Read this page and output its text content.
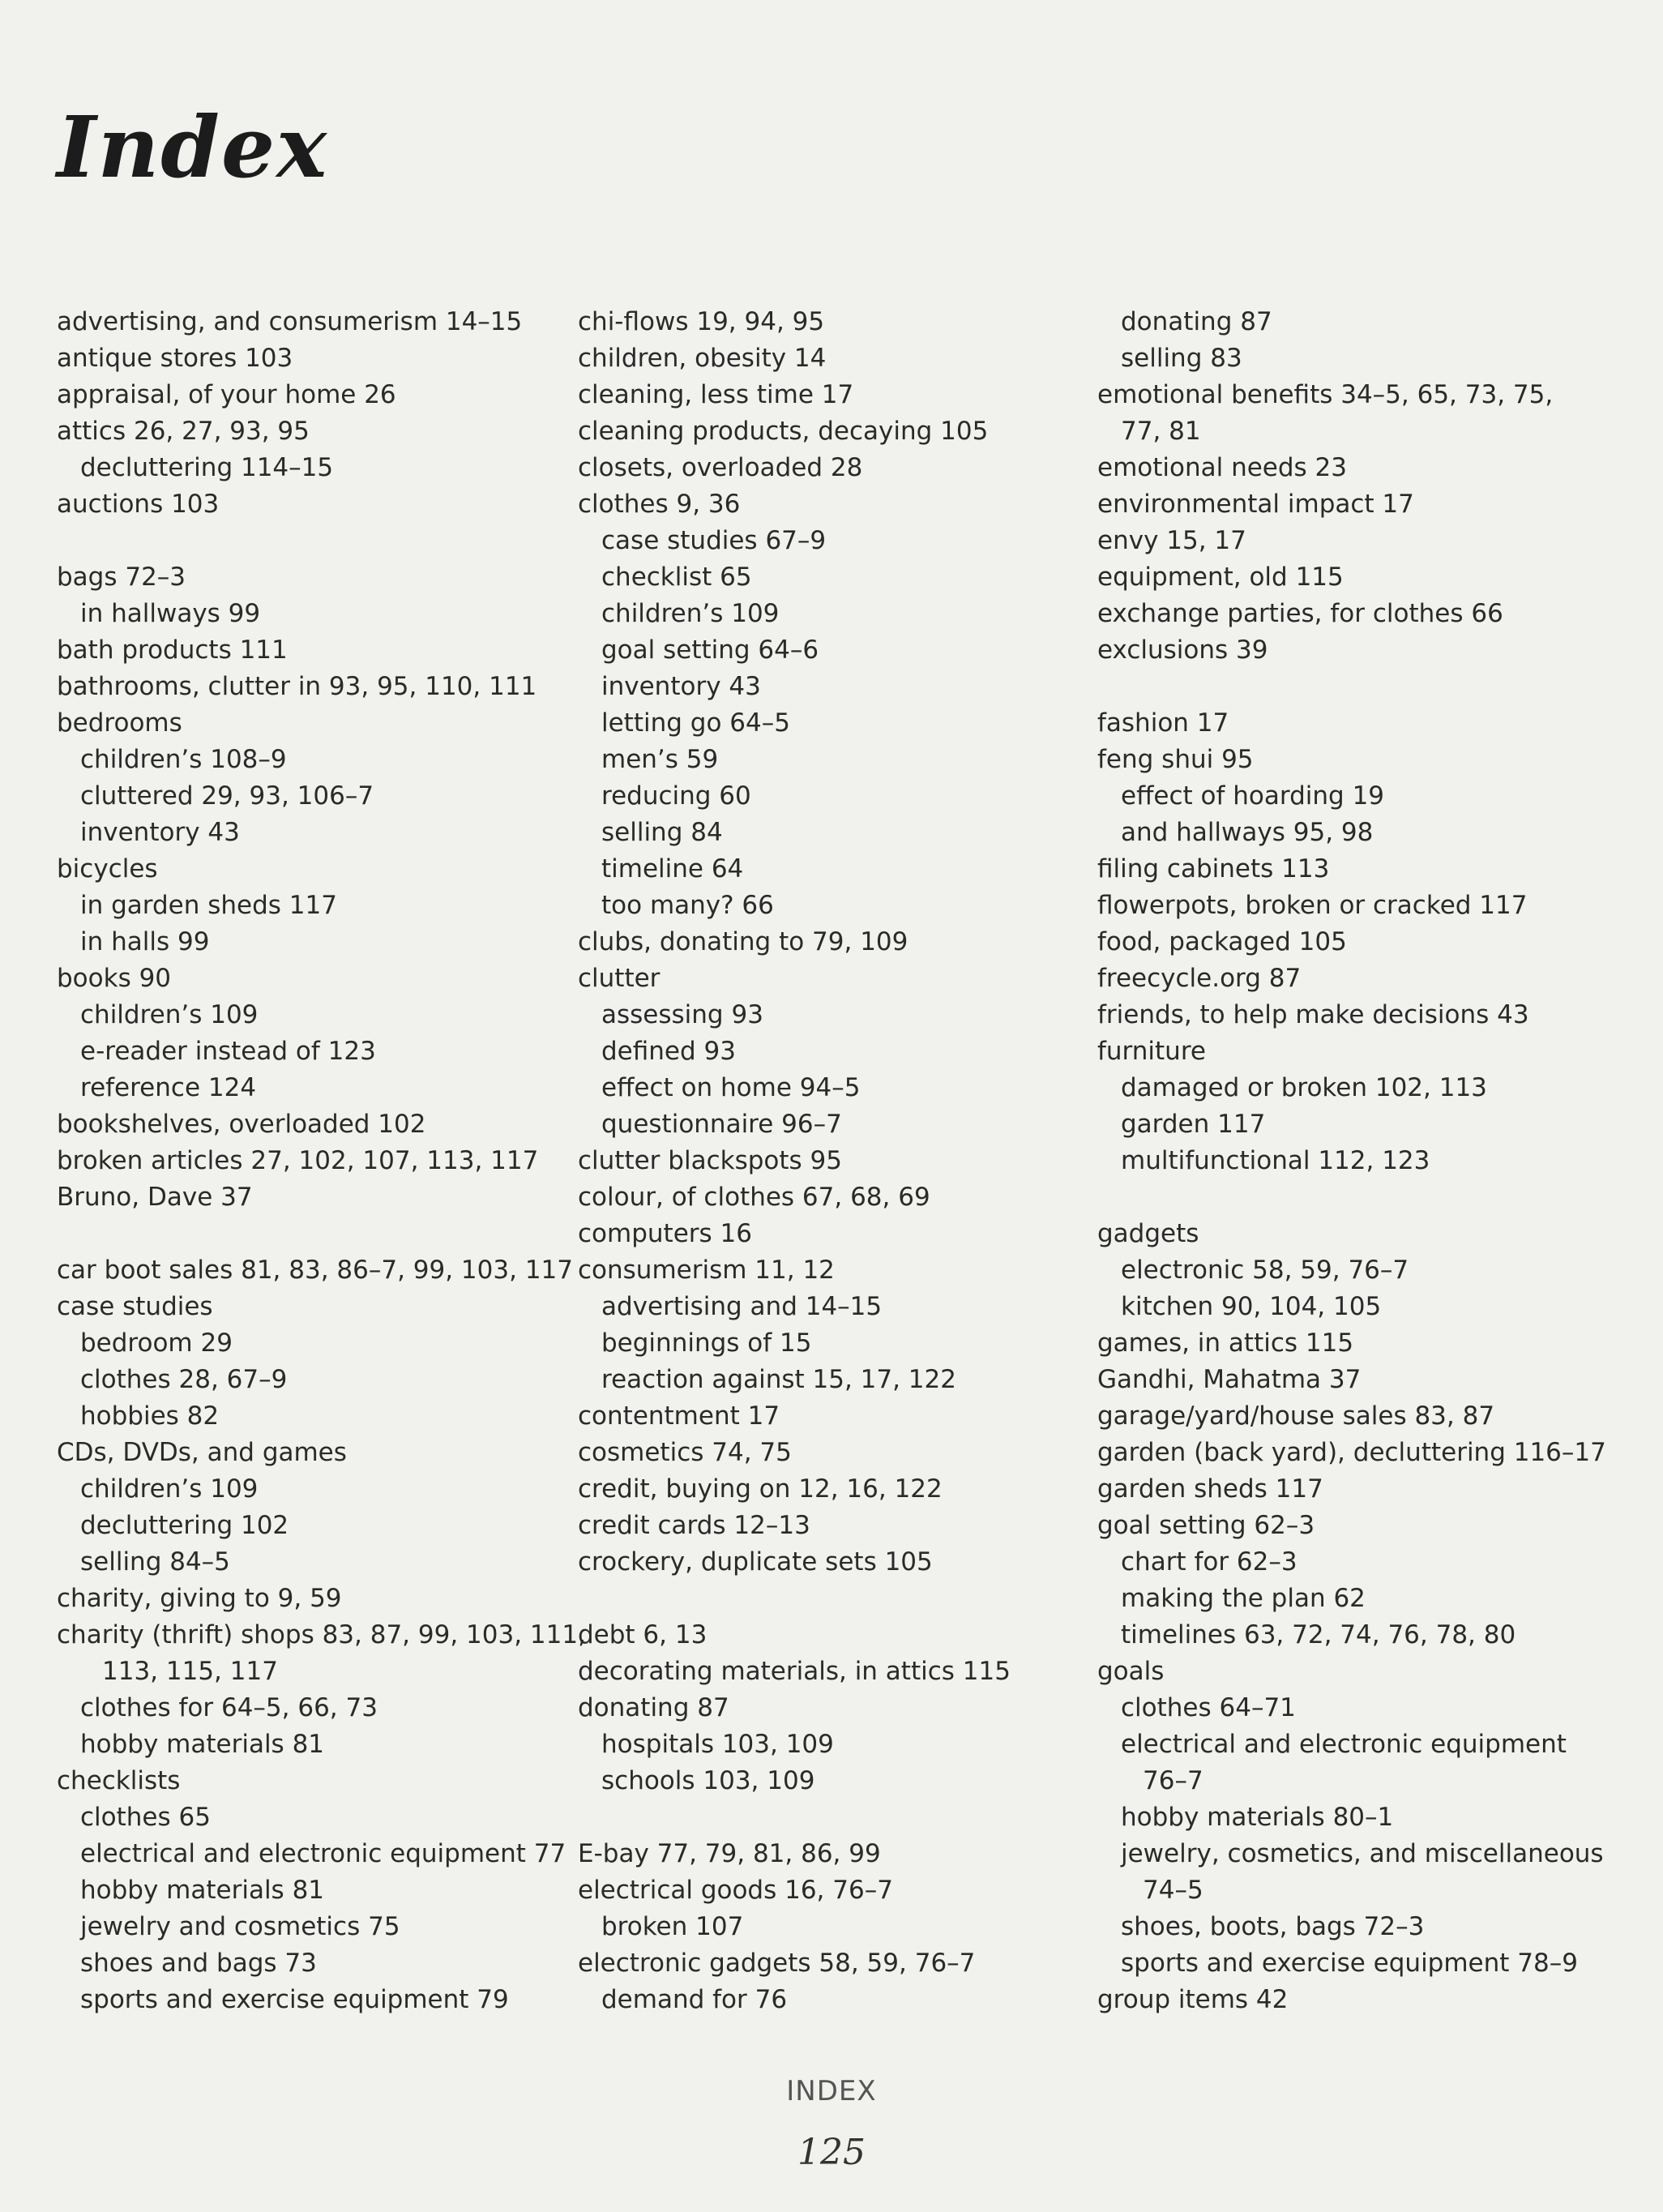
Index
advertising, and consumerism 14–15
antique stores 103
appraisal, of your home 26
attics 26, 27, 93, 95
decluttering 114–15
auctions 103
bags 72–3
in hallways 99
bath products 111
bathrooms, clutter in 93, 95, 110, 111
bedrooms
children’s 108–9
cluttered 29, 93, 106–7
inventory 43
bicycles
in garden sheds 117
in halls 99
books 90
children’s 109
e-reader instead of 123
reference 124
bookshelves, overloaded 102
broken articles 27, 102, 107, 113, 117
Bruno, Dave 37
car boot sales 81, 83, 86–7, 99, 103, 117
case studies
bedroom 29
clothes 28, 67–9
hobbies 82
CDs, DVDs, and games
children’s 109
decluttering 102
selling 84–5
charity, giving to 9, 59
charity (thrift) shops 83, 87, 99, 103, 111,
113, 115, 117
clothes for 64–5, 66, 73
hobby materials 81
checklists
clothes 65
electrical and electronic equipment 77
hobby materials 81
jewelry and cosmetics 75
shoes and bags 73
sports and exercise equipment 79
chi-flows 19, 94, 95
children, obesity 14
cleaning, less time 17
cleaning products, decaying 105
closets, overloaded 28
clothes 9, 36
case studies 67–9
checklist 65
children’s 109
goal setting 64–6
inventory 43
letting go 64–5
men’s 59
reducing 60
selling 84
timeline 64
too many? 66
clubs, donating to 79, 109
clutter
assessing 93
defined 93
effect on home 94–5
questionnaire 96–7
clutter blackspots 95
colour, of clothes 67, 68, 69
computers 16
consumerism 11, 12
advertising and 14–15
beginnings of 15
reaction against 15, 17, 122
contentment 17
cosmetics 74, 75
credit, buying on 12, 16, 122
credit cards 12–13
crockery, duplicate sets 105
debt 6, 13
decorating materials, in attics 115
donating 87
hospitals 103, 109
schools 103, 109
E-bay 77, 79, 81, 86, 99
electrical goods 16, 76–7
broken 107
electronic gadgets 58, 59, 76–7
demand for 76
donating 87
selling 83
emotional benefits 34–5, 65, 73, 75,
77, 81
emotional needs 23
environmental impact 17
envy 15, 17
equipment, old 115
exchange parties, for clothes 66
exclusions 39
fashion 17
feng shui 95
effect of hoarding 19
and hallways 95, 98
filing cabinets 113
flowerpots, broken or cracked 117
food, packaged 105
freecycle.org 87
friends, to help make decisions 43
furniture
damaged or broken 102, 113
garden 117
multifunctional 112, 123
gadgets
electronic 58, 59, 76–7
kitchen 90, 104, 105
games, in attics 115
Gandhi, Mahatma 37
garage/yard/house sales 83, 87
garden (back yard), decluttering 116–17
garden sheds 117
goal setting 62–3
chart for 62–3
making the plan 62
timelines 63, 72, 74, 76, 78, 80
goals
clothes 64–71
electrical and electronic equipment
76–7
hobby materials 80–1
jewelry, cosmetics, and miscellaneous
74–5
shoes, boots, bags 72–3
sports and exercise equipment 78–9
group items 42
INDEX
125
